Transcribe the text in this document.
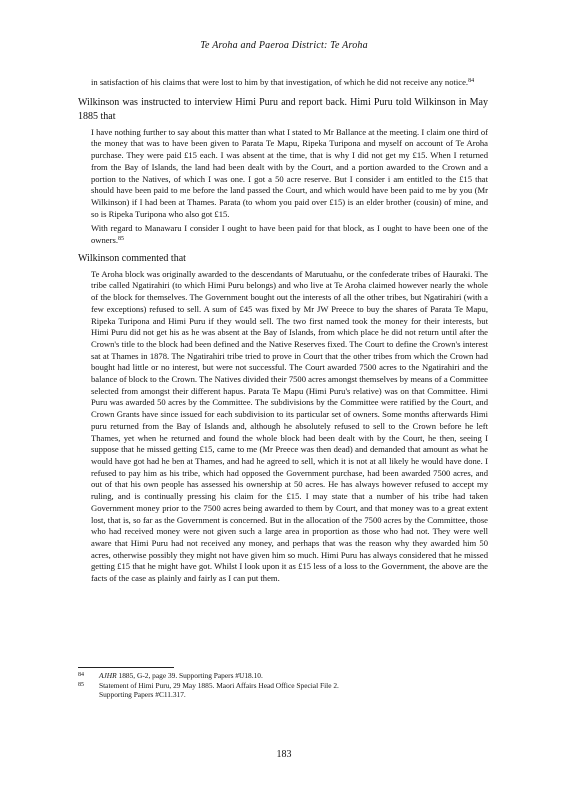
Te Aroha and Paeroa District: Te Aroha

in satisfaction of his claims that were lost to him by that investigation, of which he did not receive any notice.$^{84}$

Wilkinson was instructed to interview Himi Puru and report back. Himi Puru told Wilkinson in May 1885 that

I have nothing further to say about this matter than what I stated to Mr Ballance at the meeting. I claim one third of the money that was to have been given to Parata Te Mapu, Ripeka Turipona and myself on account of Te Aroha purchase. They were paid £15 each. I was absent at the time, that is why I did not get my £15. When I returned from the Bay of Islands, the land had been dealt with by the Court, and a portion awarded to the Crown and a portion to the Natives, of which I was one. I got a 50 acre reserve. But I consider i am entitled to the £15 that should have been paid to me before the land passed the Court, and which would have been paid to me by you (Mr Wilkinson) if I had been at Thames. Parata (to whom you paid over £15) is an elder brother (cousin) of mine, and so is Ripeka Turipona who also got £15.

With regard to Manawaru I consider I ought to have been paid for that block, as I ought to have been one of the owners.$^{85}$

Wilkinson commented that

Te Aroha block was originally awarded to the descendants of Marutuahu, or the confederate tribes of Hauraki. The tribe called Ngatirahiri (to which Himi Puru belongs) and who live at Te Aroha claimed however nearly the whole of the block for themselves. The Government bought out the interests of all the other tribes, but Ngatirahiri (with a few exceptions) refused to sell. A sum of £45 was fixed by Mr JW Preece to buy the shares of Parata Te Mapu, Ripeka Turipona and Himi Puru if they would sell. The two first named took the money for their interests, but Himi Puru did not get his as he was absent at the Bay of Islands, from which place he did not return until after the Crown's title to the block had been defined and the Native Reserves fixed. The Court to define the Crown's interest sat at Thames in 1878. The Ngatirahiri tribe tried to prove in Court that the other tribes from which the Crown had bought had little or no interest, but were not successful. The Court awarded 7500 acres to the Ngatirahiri and the balance of block to the Crown. The Natives divided their 7500 acres amongst themselves by means of a Committee selected from amongst their different hapus. Parata Te Mapu (Himi Puru's relative) was on that Committee. Himi Puru was awarded 50 acres by the Committee. The subdivisions by the Committee were ratified by the Court, and Crown Grants have since issued for each subdivision to its particular set of owners. Some months afterwards Himi puru returned from the Bay of Islands and, although he absolutely refused to sell to the Crown before he left Thames, yet when he returned and found the whole block had been dealt with by the Court, he then, seeing I suppose that he missed getting £15, came to me (Mr Preece was then dead) and demanded that amount as what he would have got had he ben at Thames, and had he agreed to sell, which it is not at all likely he would have done. I refused to pay him as his tribe, which had opposed the Government purchase, had been awarded 7500 acres, and out of that his own people has assessed his ownership at 50 acres. He has always however refused to accept my ruling, and is continually pressing his claim for the £15. I may state that a number of his tribe had taken Government money prior to the 7500 acres being awarded to them by Court, and that money was to a great extent lost, that is, so far as the Government is concerned. But in the allocation of the 7500 acres by the Committee, those who had received money were not given such a large area in proportion as those who had not. They were well aware that Himi Puru had not received any money, and perhaps that was the reason why they awarded him 50 acres, otherwise possibly they might not have given him so much. Himi Puru has always considered that he missed getting £15 that he might have got. Whilst I look upon it as £15 less of a loss to the Government, the above are the facts of the case as plainly and fairly as I can put them.

84	AJHR 1885, G-2, page 39. Supporting Papers #U18.10.
85	Statement of Himi Puru, 29 May 1885. Maori Affairs Head Office Special File 2.
Supporting Papers #C11.317.
183
